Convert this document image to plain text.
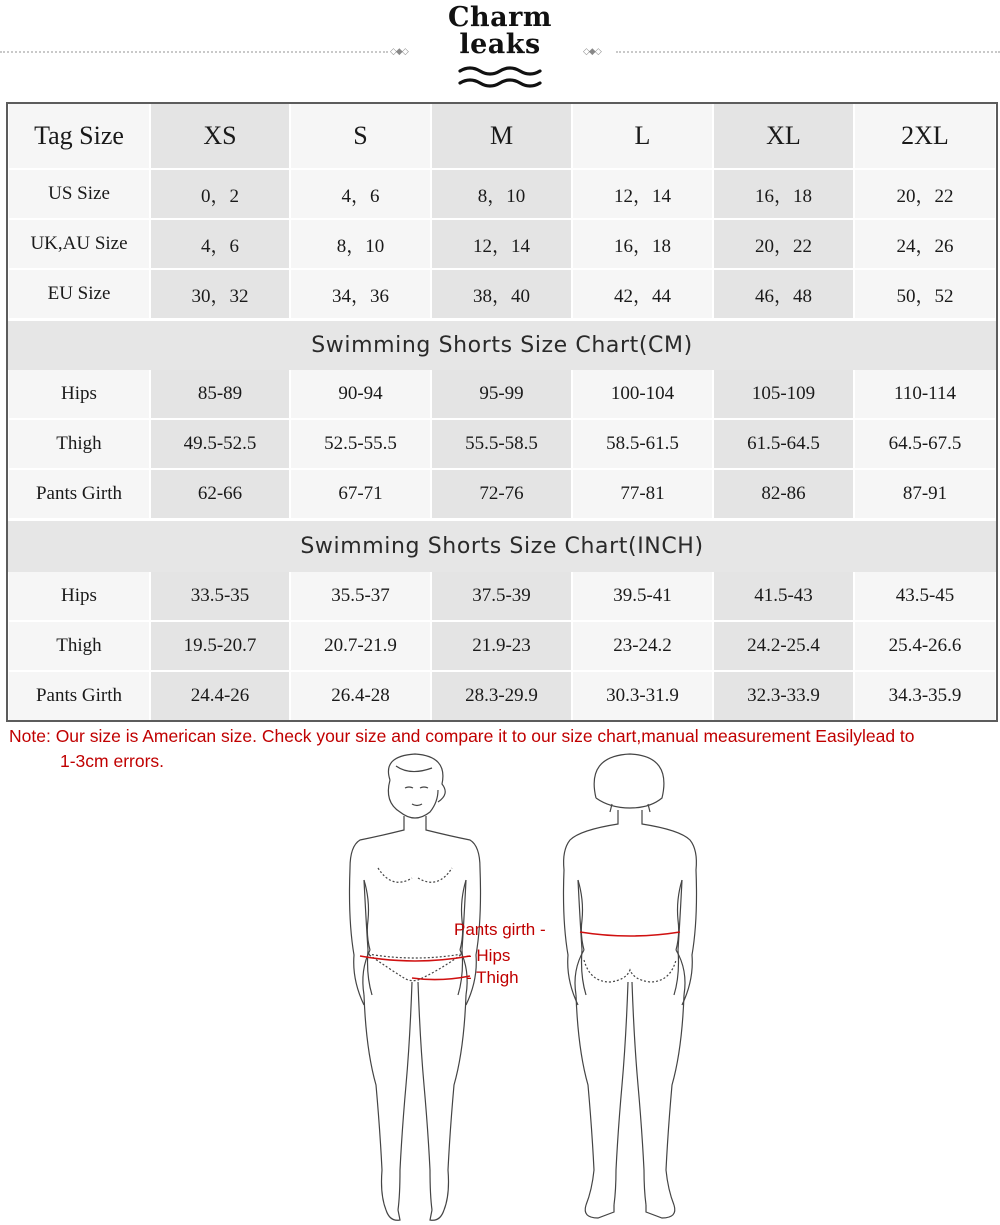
◇◆◇	◇◆◇
Charm
leaks
Tag Size	XS	S	M	L	XL	2XL
US Size	0，2	4，6	8，10	12，14	16，18	20，22
UK,AU Size	4，6	8，10	12，14	16，18	20，22	24，26
EU Size	30，32	34，36	38，40	42，44	46，48	50，52
Swimming Shorts Size Chart(CM)
Hips	85-89	90-94	95-99	100-104	105-109	110-114
Thigh	49.5-52.5	52.5-55.5	55.5-58.5	58.5-61.5	61.5-64.5	64.5-67.5
Pants Girth	62-66	67-71	72-76	77-81	82-86	87-91
Swimming Shorts Size Chart(INCH)
Hips	33.5-35	35.5-37	37.5-39	39.5-41	41.5-43	43.5-45
Thigh	19.5-20.7	20.7-21.9	21.9-23	23-24.2	24.2-25.4	25.4-26.6
Pants Girth	24.4-26	26.4-28	28.3-29.9	30.3-31.9	32.3-33.9	34.3-35.9
Note: Our size is American size. Check your size and compare it to our size chart,manual measurement Easilylead to
1-3cm errors.
Pants girth -
- Hips
- Thigh
